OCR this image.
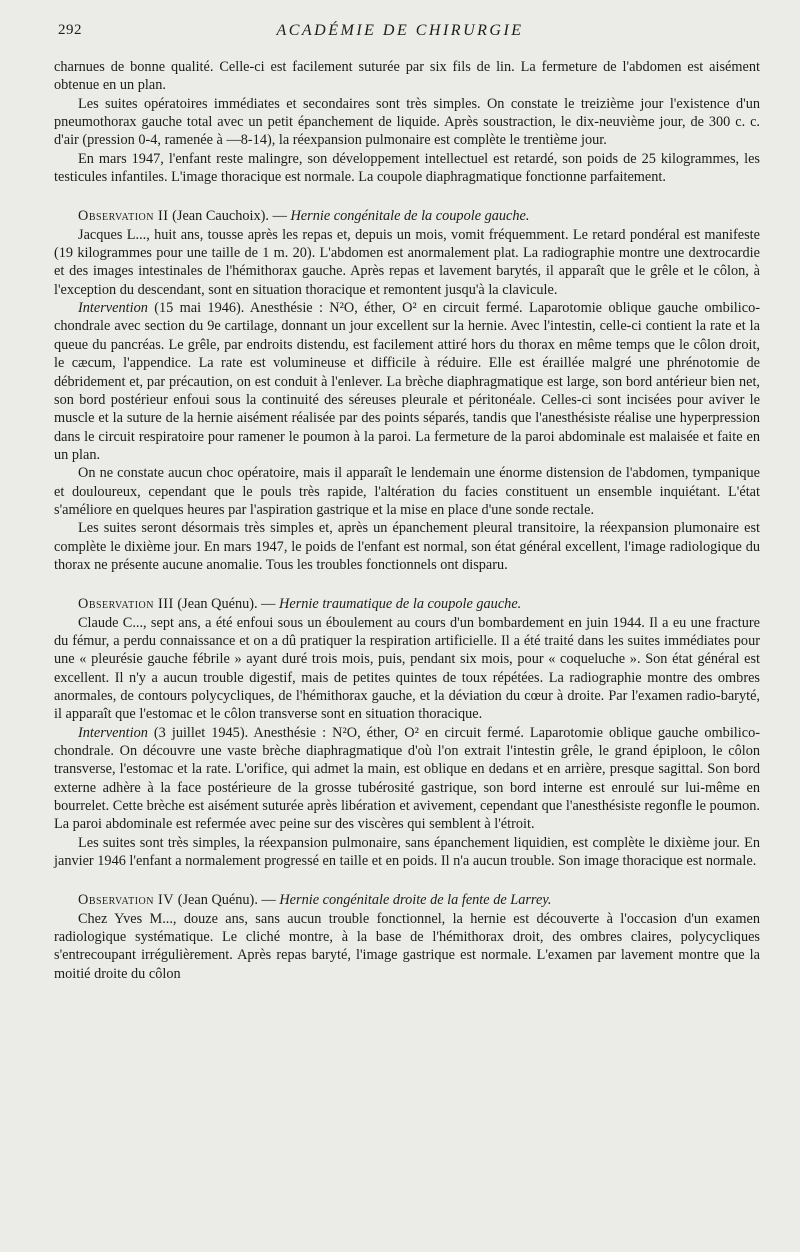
292	ACADÉMIE DE CHIRURGIE

charnues de bonne qualité. Celle-ci est facilement suturée par six fils de lin. La fermeture de l'abdomen est aisément obtenue en un plan.

Les suites opératoires immédiates et secondaires sont très simples. On constate le treizième jour l'existence d'un pneumothorax gauche total avec un petit épanchement de liquide. Après soustraction, le dix-neuvième jour, de 300 c. c. d'air (pression 0-4, ramenée à —8-14), la réexpansion pulmonaire est complète le trentième jour.

En mars 1947, l'enfant reste malingre, son développement intellectuel est retardé, son poids de 25 kilogrammes, les testicules infantiles. L'image thoracique est normale. La coupole diaphragmatique fonctionne parfaitement.

Observation II (Jean Cauchoix). — Hernie congénitale de la coupole gauche.

Jacques L..., huit ans, tousse après les repas et, depuis un mois, vomit fréquemment. Le retard pondéral est manifeste (19 kilogrammes pour une taille de 1 m. 20). L'abdomen est anormalement plat. La radiographie montre une dextrocardie et des images intestinales de l'hémithorax gauche. Après repas et lavement barytés, il apparaît que le grêle et le côlon, à l'exception du descendant, sont en situation thoracique et remontent jusqu'à la clavicule.

Intervention (15 mai 1946). Anesthésie : N²O, éther, O² en circuit fermé. Laparotomie oblique gauche ombilico-chondrale avec section du 9e cartilage, donnant un jour excellent sur la hernie. Avec l'intestin, celle-ci contient la rate et la queue du pancréas. Le grêle, par endroits distendu, est facilement attiré hors du thorax en même temps que le côlon droit, le cæcum, l'appendice. La rate est volumineuse et difficile à réduire. Elle est éraillée malgré une phrénotomie de débridement et, par précaution, on est conduit à l'enlever. La brèche diaphragmatique est large, son bord antérieur bien net, son bord postérieur enfoui sous la continuité des séreuses pleurale et péritonéale. Celles-ci sont incisées pour aviver le muscle et la suture de la hernie aisément réalisée par des points séparés, tandis que l'anesthésiste réalise une hyperpression dans le circuit respiratoire pour ramener le poumon à la paroi. La fermeture de la paroi abdominale est malaisée et faite en un plan.

On ne constate aucun choc opératoire, mais il apparaît le lendemain une énorme distension de l'abdomen, tympanique et douloureux, cependant que le pouls très rapide, l'altération du facies constituent un ensemble inquiétant. L'état s'améliore en quelques heures par l'aspiration gastrique et la mise en place d'une sonde rectale.

Les suites seront désormais très simples et, après un épanchement pleural transitoire, la réexpansion plumonaire est complète le dixième jour. En mars 1947, le poids de l'enfant est normal, son état général excellent, l'image radiologique du thorax ne présente aucune anomalie. Tous les troubles fonctionnels ont disparu.

Observation III (Jean Quénu). — Hernie traumatique de la coupole gauche.

Claude C..., sept ans, a été enfoui sous un éboulement au cours d'un bombardement en juin 1944. Il a eu une fracture du fémur, a perdu connaissance et on a dû pratiquer la respiration artificielle. Il a été traité dans les suites immédiates pour une « pleurésie gauche fébrile » ayant duré trois mois, puis, pendant six mois, pour « coqueluche ». Son état général est excellent. Il n'y a aucun trouble digestif, mais de petites quintes de toux répétées. La radiographie montre des ombres anormales, de contours polycycliques, de l'hémithorax gauche, et la déviation du cœur à droite. Par l'examen radio-baryté, il apparaît que l'estomac et le côlon transverse sont en situation thoracique.

Intervention (3 juillet 1945). Anesthésie : N²O, éther, O² en circuit fermé. Laparotomie oblique gauche ombilico-chondrale. On découvre une vaste brèche diaphragmatique d'où l'on extrait l'intestin grêle, le grand épiploon, le côlon transverse, l'estomac et la rate. L'orifice, qui admet la main, est oblique en dedans et en arrière, presque sagittal. Son bord externe adhère à la face postérieure de la grosse tubérosité gastrique, son bord interne est enroulé sur lui-même en bourrelet. Cette brèche est aisément suturée après libération et avivement, cependant que l'anesthésiste regonfle le poumon. La paroi abdominale est refermée avec peine sur des viscères qui semblent à l'étroit.

Les suites sont très simples, la réexpansion pulmonaire, sans épanchement liquidien, est complète le dixième jour. En janvier 1946 l'enfant a normalement progressé en taille et en poids. Il n'a aucun trouble. Son image thoracique est normale.

Observation IV (Jean Quénu). — Hernie congénitale droite de la fente de Larrey.

Chez Yves M..., douze ans, sans aucun trouble fonctionnel, la hernie est découverte à l'occasion d'un examen radiologique systématique. Le cliché montre, à la base de l'hémithorax droit, des ombres claires, polycycliques s'entrecoupant irrégulièrement. Après repas baryté, l'image gastrique est normale. L'examen par lavement montre que la moitié droite du côlon
